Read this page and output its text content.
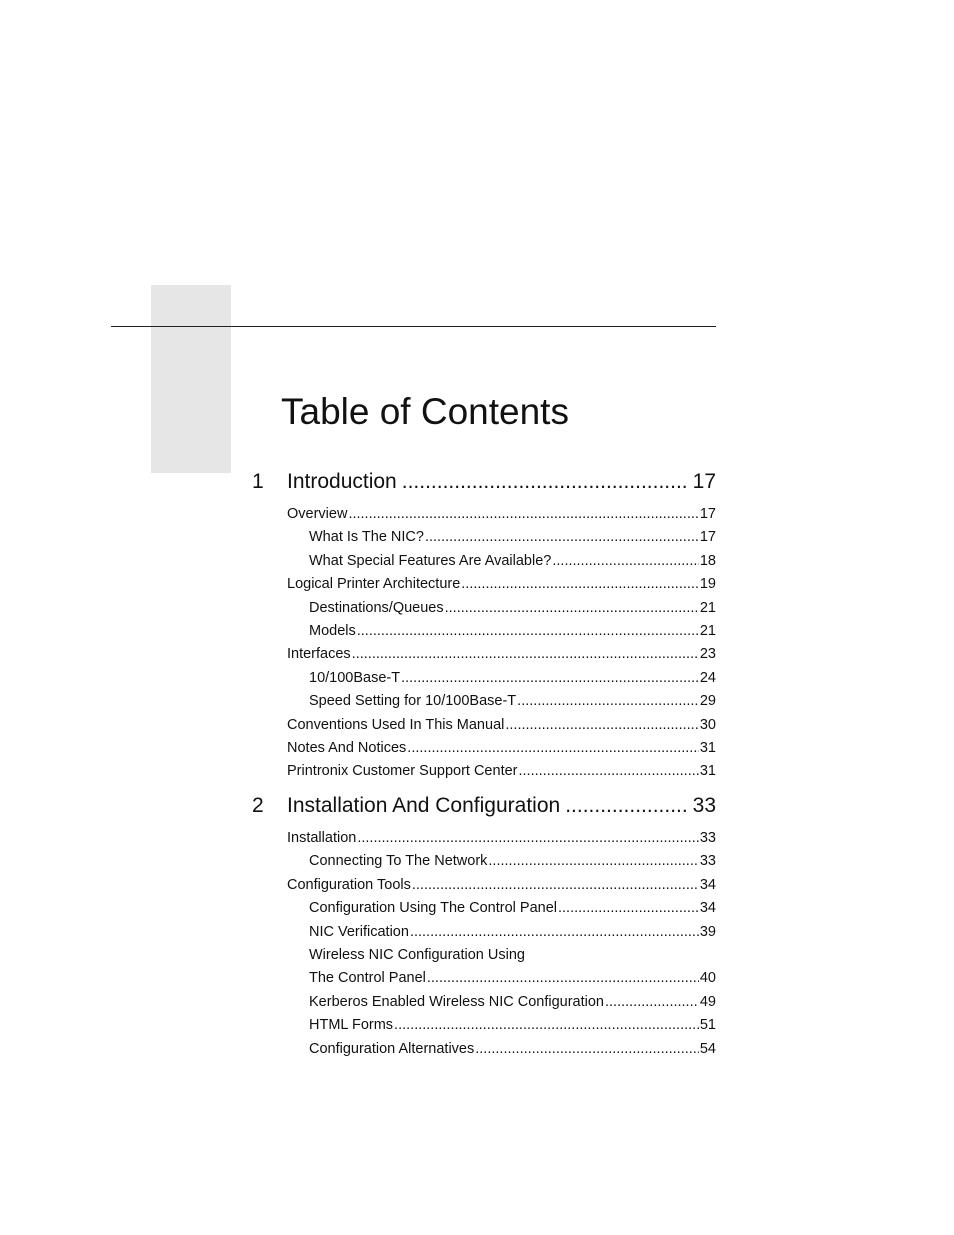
Table of Contents
1 Introduction .....	17
Overview .....	17
What Is The NIC? .....	17
What Special Features Are Available? .....	18
Logical Printer Architecture .....	19
Destinations/Queues .....	21
Models .....	21
Interfaces .....	23
10/100Base-T .....	24
Speed Setting for 10/100Base-T .....	29
Conventions Used In This Manual .....	30
Notes And Notices .....	31
Printronix Customer Support Center .....	31
2 Installation And Configuration .....	33
Installation .....	33
Connecting To The Network .....	33
Configuration Tools .....	34
Configuration Using The Control Panel .....	34
NIC Verification .....	39
Wireless NIC Configuration Using
The Control Panel .....	40
Kerberos Enabled Wireless NIC Configuration .....	49
HTML Forms .....	51
Configuration Alternatives .....	54
